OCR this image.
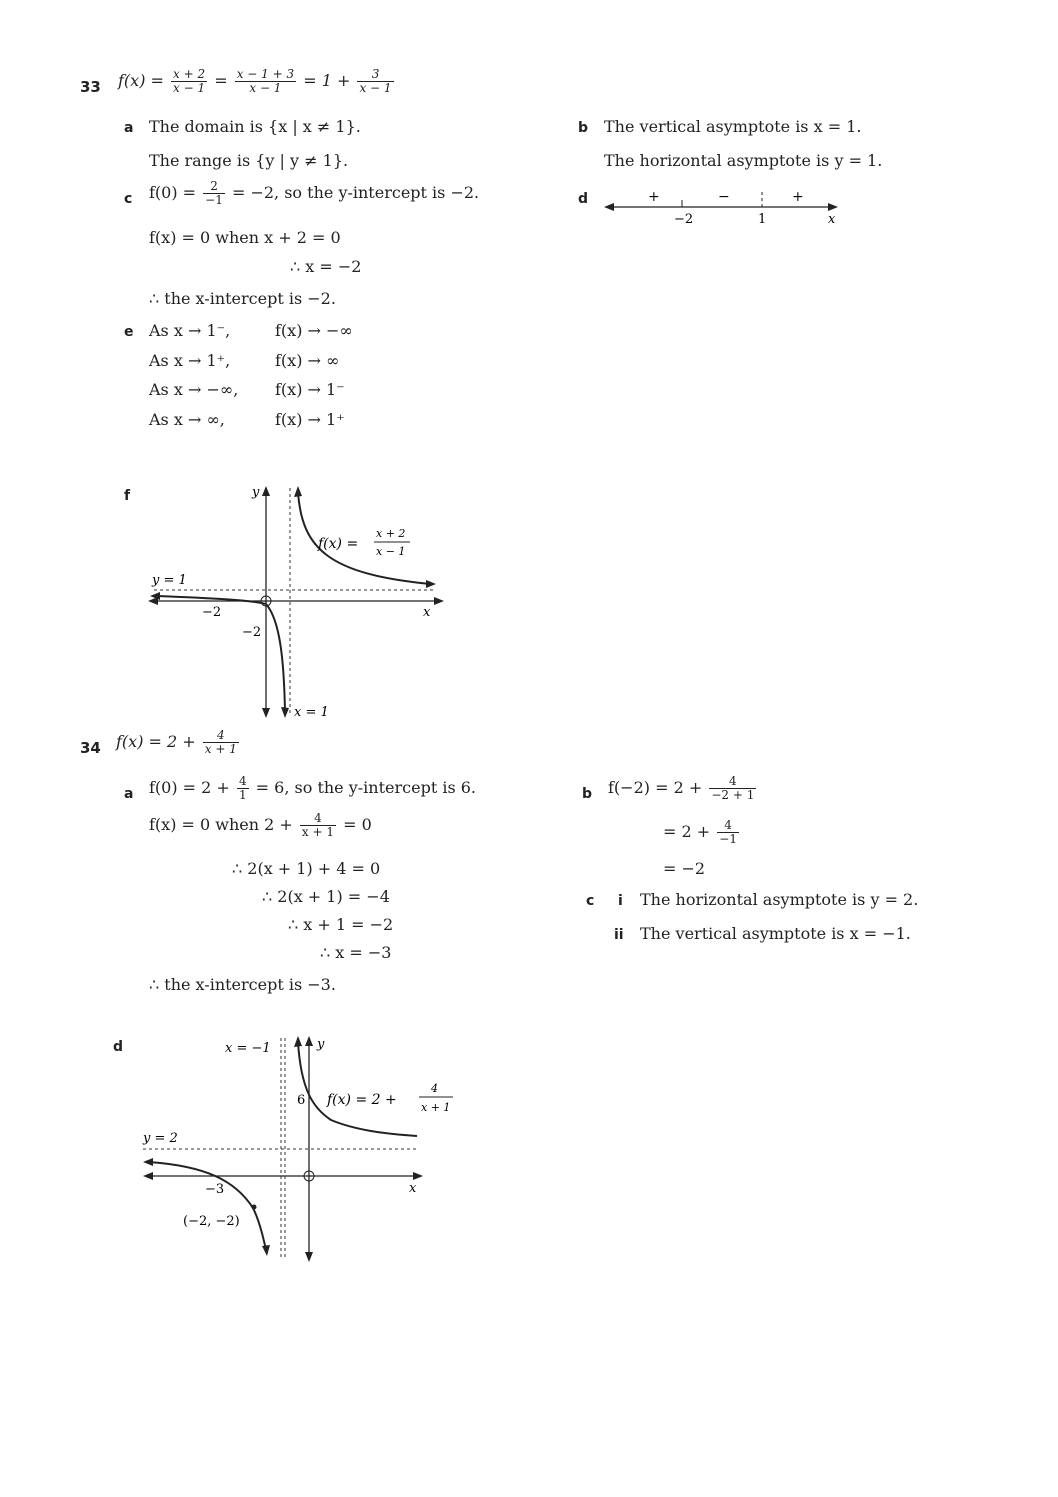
33 $f(x) = \frac{x + 2}{x - 1} = \frac{x - 1 + 3}{x - 1} = 1 + \frac{3}{x - 1}$
a The domain is {x | x ≠ 1}.
The range is {y | y ≠ 1}.
b The vertical asymptote is x = 1.
The horizontal asymptote is y = 1.
c $f(0) = \frac{2}{-1} = -2$, so the y-intercept is −2.
f(x) = 0 when x + 2 = 0
∴ x = −2
∴ the x-intercept is −2.
d	+	−	+
−2	1	x
e As x → 1⁻,	f(x) → −∞
As x → 1⁺,	f(x) → ∞
As x → −∞, f(x) → 1⁻
As x → ∞,	f(x) → 1⁺
f
x
y
y = 1
x = 1
−2
−2
f(x) =
x + 2
x − 1
34 $f(x) = 2 + \frac{4}{x + 1}$
a $f(0) = 2 + \frac{4}{1} = 6$, so the y-intercept is 6.
f(x) = 0 when $2 + \frac{4}{x + 1} = 0$
∴ 2(x + 1) + 4 = 0
∴ 2(x + 1) = −4
∴ x + 1 = −2
∴ x = −3
∴ the x-intercept is −3.
b $f(-2) = 2 + \frac{4}{-2 + 1}$
= $2 + \frac{4}{-1}$
= −2
c i The horizontal asymptote is y = 2.
ii The vertical asymptote is x = −1.
d
x
y
y = 2
x = −1
6
−3
(−2, −2)
f(x) = 2 +
4
x + 1
